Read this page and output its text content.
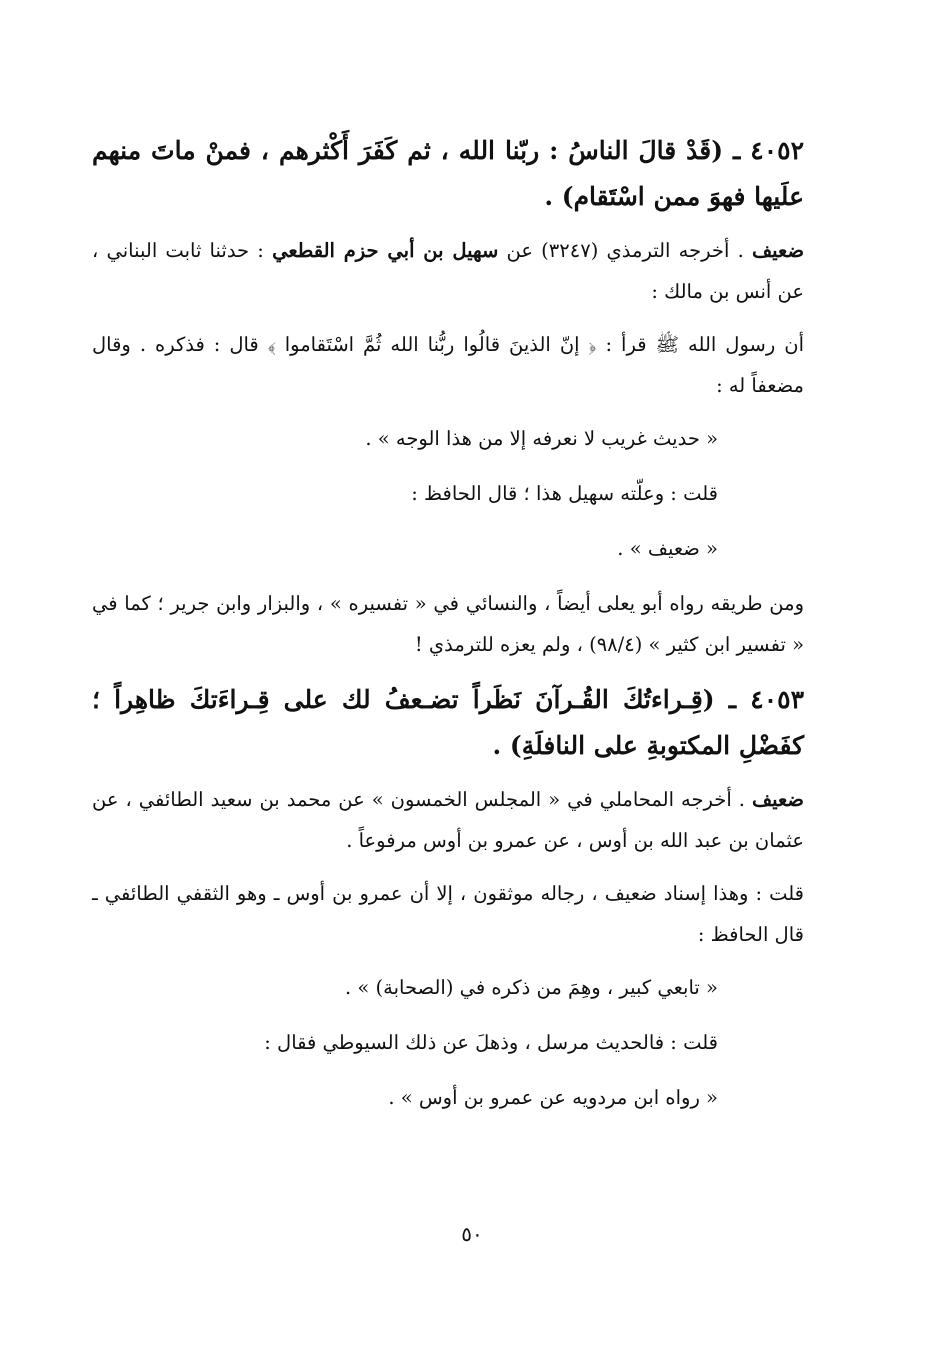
٤٠٥٢ ـ (قَدْ قالَ الناسُ : ربّنا الله ، ثم كَفَرَ أَكْثرهم ، فمنْ ماتَ منهم علَيها فهوَ ممن اسْتَقام) .
ضعيف . أخرجه الترمذي (٣٢٤٧) عن سهيل بن أبي حزم القطعي : حدثنا ثابت البناني ، عن أنس بن مالك :
أن رسول الله ﷺ قرأ : ﴿ إنّ الذينَ قالُوا ربُّنا الله ثُمَّ اسْتَقاموا ﴾ قال : فذكره . وقال مضعفاً له :
« حديث غريب لا نعرفه إلا من هذا الوجه » .
قلت : وعلّته سهيل هذا ؛ قال الحافظ :
« ضعيف » .
ومن طريقه رواه أبو يعلى أيضاً ، والنسائي في « تفسيره » ، والبزار وابن جرير ؛ كما في « تفسير ابن كثير » (٩٨/٤) ، ولم يعزه للترمذي !
٤٠٥٣ ـ (قِـراءتُكَ القُـرآنَ نَظَراً تضـعفُ لك على قِـراءَتكَ ظاهِراً ؛ كفَضْلِ المكتوبةِ على النافلَةِ) .
ضعيف . أخرجه المحاملي في « المجلس الخمسون » عن محمد بن سعيد الطائفي ، عن عثمان بن عبد الله بن أوس ، عن عمرو بن أوس مرفوعاً .
قلت : وهذا إسناد ضعيف ، رجاله موثقون ، إلا أن عمرو بن أوس ـ وهو الثقفي الطائفي ـ قال الحافظ :
« تابعي كبير ، وهِمَ من ذكره في (الصحابة) » .
قلت : فالحديث مرسل ، وذهلَ عن ذلك السيوطي فقال :
« رواه ابن مردويه عن عمرو بن أوس » .
٥٠
